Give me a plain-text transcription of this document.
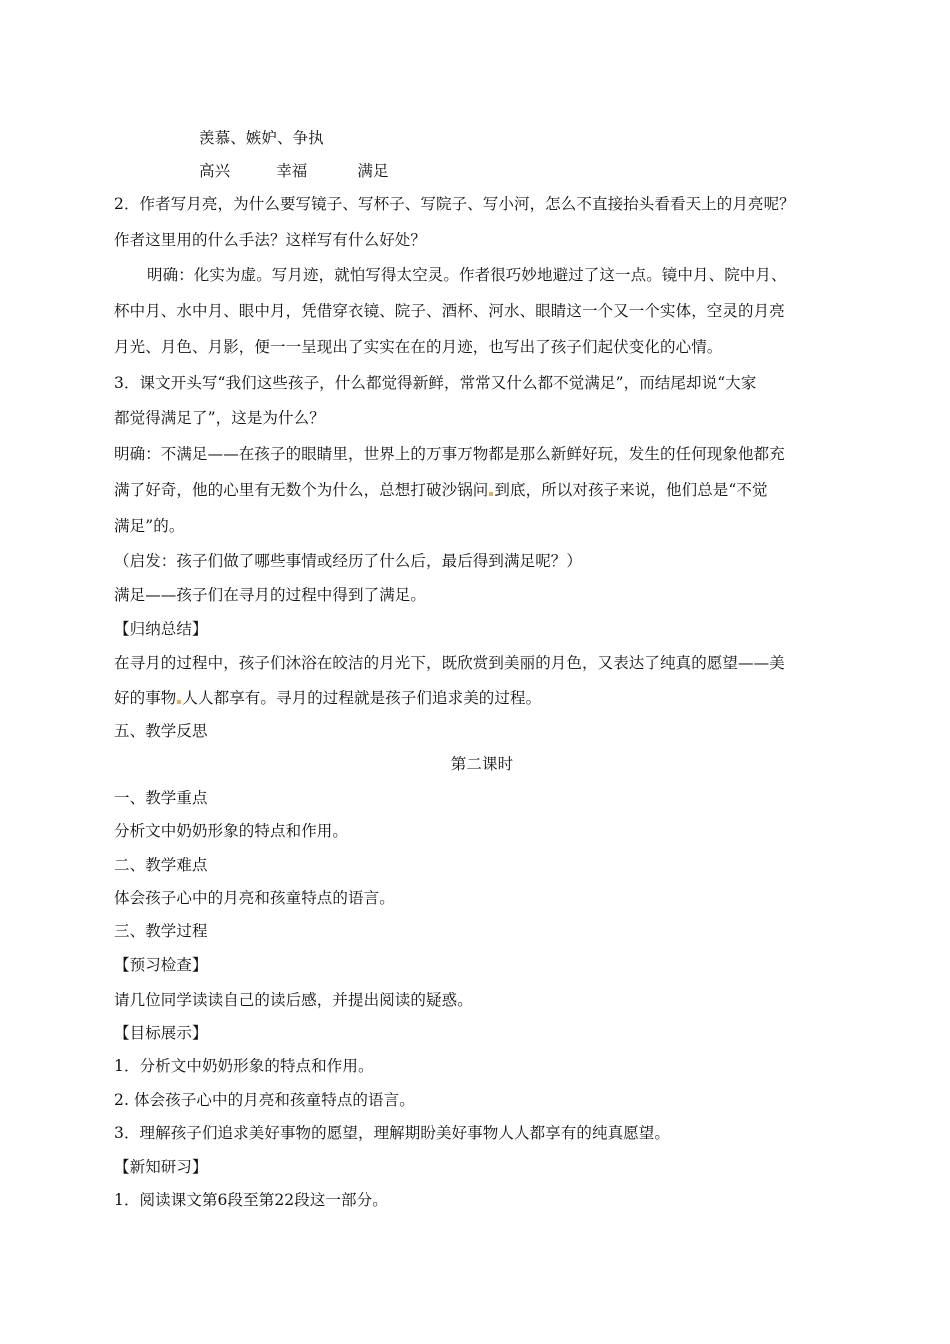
羡慕、嫉妒、争执
高兴	幸福	满足
2．作者写月亮，为什么要写镜子、写杯子、写院子、写小河，怎么不直接抬头看看天上的月亮呢？
作者这里用的什么手法？这样写有什么好处？
明确：化实为虚。写月迹，就怕写得太空灵。作者很巧妙地避过了这一点。镜中月、院中月、
杯中月、水中月、眼中月，凭借穿衣镜、院子、酒杯、河水、眼睛这一个又一个实体，空灵的月亮
月光、月色、月影，便一一呈现出了实实在在的月迹，也写出了孩子们起伏变化的心情。
3．课文开头写“我们这些孩子，什么都觉得新鲜，常常又什么都不觉满足”，而结尾却说“大家
都觉得满足了”，这是为什么？
明确：不满足——在孩子的眼睛里，世界上的万事万物都是那么新鲜好玩，发生的任何现象他都充
满了好奇，他的心里有无数个为什么，总想打破沙锅问 到底，所以对孩子来说，他们总是“不觉
满足”的。
（启发：孩子们做了哪些事情或经历了什么后，最后得到满足呢？）
满足——孩子们在寻月的过程中得到了满足。
【归纳总结】
在寻月的过程中，孩子们沐浴在皎洁的月光下，既欣赏到美丽的月色，又表达了纯真的愿望——美
好的事物 人人都享有。寻月的过程就是孩子们追求美的过程。
五、教学反思
第二课时
一、教学重点
分析文中奶奶形象的特点和作用。
二、教学难点
体会孩子心中的月亮和孩童特点的语言。
三、教学过程
【预习检查】
请几位同学读读自己的读后感，并提出阅读的疑惑。
【目标展示】
1．分析文中奶奶形象的特点和作用。
2. 体会孩子心中的月亮和孩童特点的语言。
3．理解孩子们追求美好事物的愿望，理解期盼美好事物人人都享有的纯真愿望。
【新知研习】
1．阅读课文第6段至第22段这一部分。
